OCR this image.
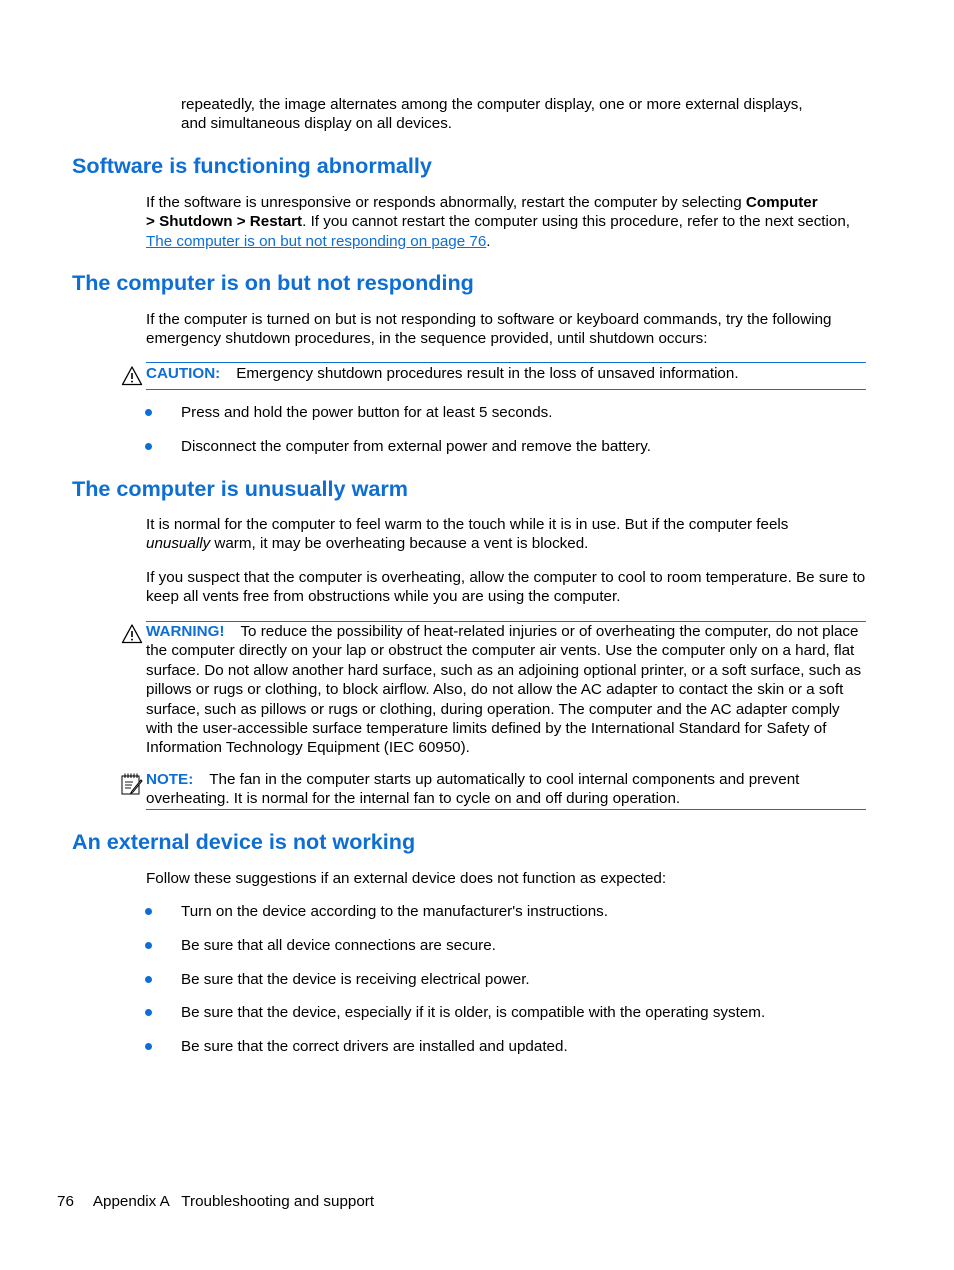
repeatedly, the image alternates among the computer display, one or more external displays,

and simultaneous display on all devices.

Software is functioning abnormally

If the software is unresponsive or responds abnormally, restart the computer by selecting Computer
> Shutdown > Restart. If you cannot restart the computer using this procedure, refer to the next section, The computer is on but not responding on page 76.

The computer is on but not responding

If the computer is turned on but is not responding to software or keyboard commands, try the following emergency shutdown procedures, in the sequence provided, until shutdown occurs:

CAUTION: Emergency shutdown procedures result in the loss of unsaved information.

Press and hold the power button for at least 5 seconds.

Disconnect the computer from external power and remove the battery.

The computer is unusually warm

It is normal for the computer to feel warm to the touch while it is in use. But if the computer feels
unusually warm, it may be overheating because a vent is blocked.

If you suspect that the computer is overheating, allow the computer to cool to room temperature. Be sure to keep all vents free from obstructions while you are using the computer.

WARNING! To reduce the possibility of heat-related injuries or of overheating the computer, do not place the computer directly on your lap or obstruct the computer air vents. Use the computer only on a hard, flat surface. Do not allow another hard surface, such as an adjoining optional printer, or a soft surface, such as pillows or rugs or clothing, to block airflow. Also, do not allow the AC adapter to contact the skin or a soft surface, such as pillows or rugs or clothing, during operation. The computer and the AC adapter comply with the user-accessible surface temperature limits defined by the International Standard for Safety of Information Technology Equipment (IEC 60950).

NOTE: The fan in the computer starts up automatically to cool internal components and prevent overheating. It is normal for the internal fan to cycle on and off during operation.

An external device is not working

Follow these suggestions if an external device does not function as expected:

Turn on the device according to the manufacturer's instructions.

Be sure that all device connections are secure.

Be sure that the device is receiving electrical power.

Be sure that the device, especially if it is older, is compatible with the operating system.

Be sure that the correct drivers are installed and updated.

76 Appendix A   Troubleshooting and support
